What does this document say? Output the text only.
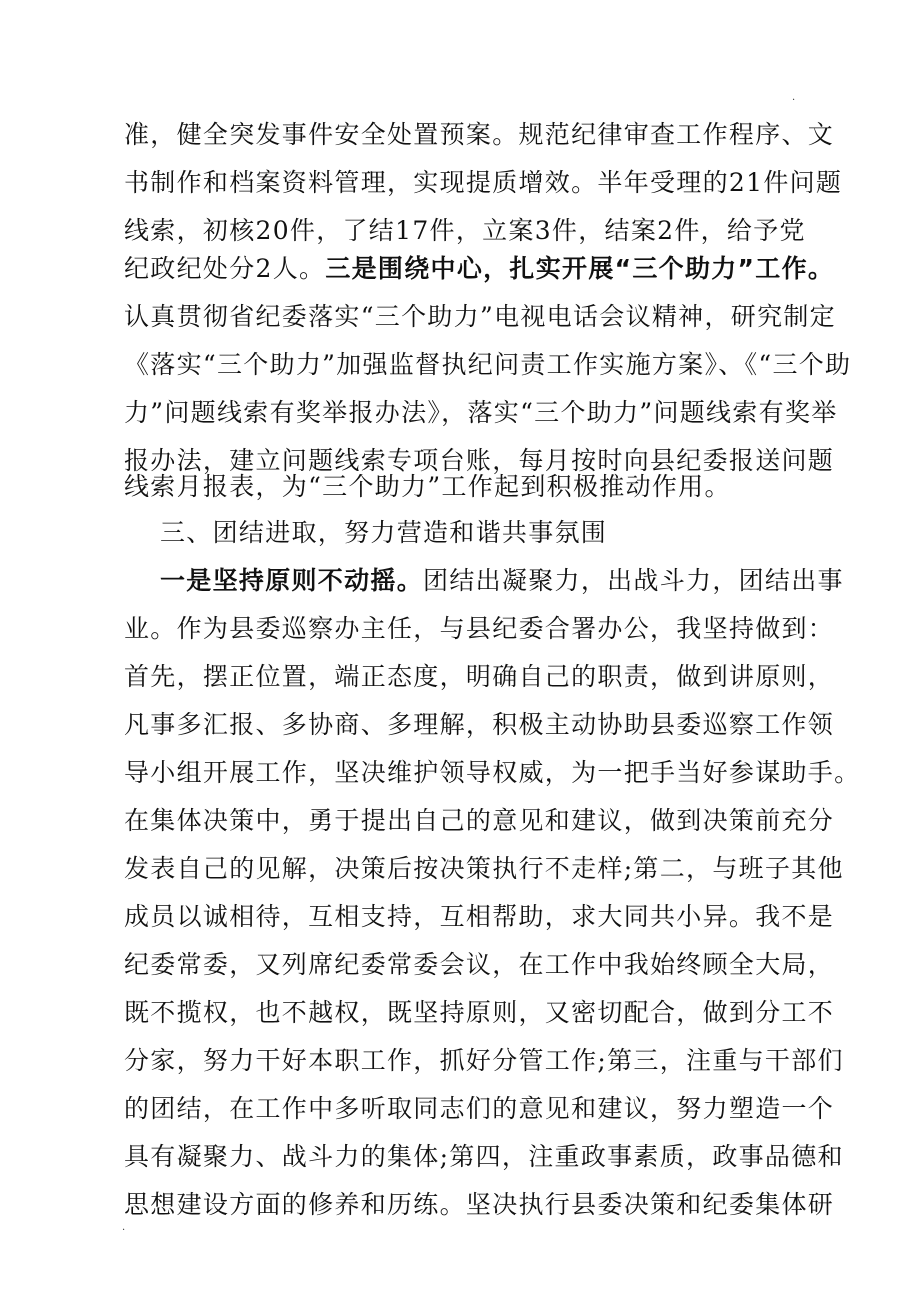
.
准，健全突发事件安全处置预案。规范纪律审查工作程序、文
书制作和档案资料管理，实现提质增效。半年受理的21件问题
线索，初核20件，了结17件，立案3件，结案2件，给予党
纪政纪处分2人。三是围绕中心，扎实开展“三个助力”工作。
认真贯彻省纪委落实“三个助力”电视电话会议精神，研究制定
《落实“三个助力”加强监督执纪问责工作实施方案》、《“三个助
力”问题线索有奖举报办法》，落实“三个助力”问题线索有奖举
报办法，建立问题线索专项台账，每月按时向县纪委报送问题
线索月报表，为“三个助力”工作起到积极推动作用。
三、团结进取，努力营造和谐共事氛围
一是坚持原则不动摇。团结出凝聚力，出战斗力，团结出事
业。作为县委巡察办主任，与县纪委合署办公，我坚持做到：
首先，摆正位置，端正态度，明确自己的职责，做到讲原则，
凡事多汇报、多协商、多理解，积极主动协助县委巡察工作领
导小组开展工作，坚决维护领导权威，为一把手当好参谋助手。
在集体决策中，勇于提出自己的意见和建议，做到决策前充分
发表自己的见解，决策后按决策执行不走样;第二，与班子其他
成员以诚相待，互相支持，互相帮助，求大同共小异。我不是
纪委常委，又列席纪委常委会议，在工作中我始终顾全大局，
既不揽权，也不越权，既坚持原则，又密切配合，做到分工不
分家，努力干好本职工作，抓好分管工作;第三，注重与干部们
的团结，在工作中多听取同志们的意见和建议，努力塑造一个
具有凝聚力、战斗力的集体;第四，注重政事素质，政事品德和
思想建设方面的修养和历练。坚决执行县委决策和纪委集体研
.
